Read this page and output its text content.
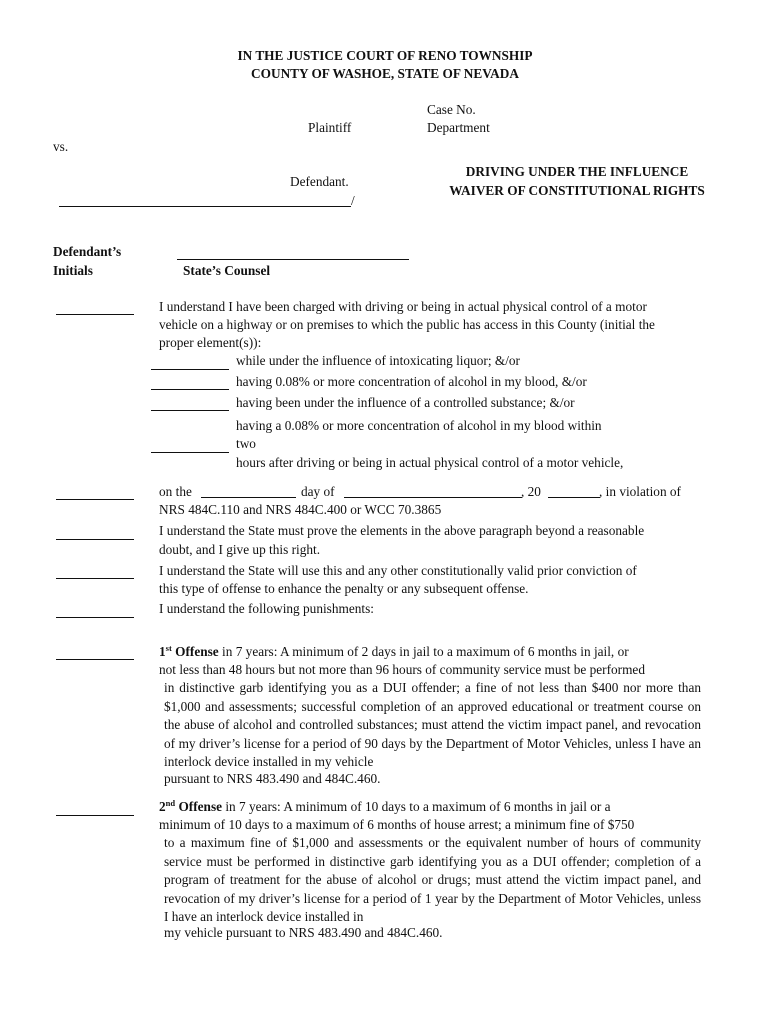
IN THE JUSTICE COURT OF RENO TOWNSHIP
COUNTY OF WASHOE, STATE OF NEVADA
Case No.
Department
Plaintiff
vs.
DRIVING UNDER THE INFLUENCE
WAIVER OF CONSTITUTIONAL RIGHTS
Defendant.
/
Defendant’s
Initials	State’s Counsel
I understand I have been charged with driving or being in actual physical control of a motor
vehicle on a highway or on premises to which the public has access in this County (initial the
proper element(s)):
while under the influence of intoxicating liquor; &/or
having 0.08% or more concentration of alcohol in my blood, &/or
having been under the influence of a controlled substance; &/or
having a 0.08% or more concentration of alcohol in my blood within
two
hours after driving or being in actual physical control of a motor vehicle,
on the	day of	, 20	, in violation of
NRS 484C.110 and NRS 484C.400 or WCC 70.3865
I understand the State must prove the elements in the above paragraph beyond a reasonable
doubt, and I give up this right.
I understand the State will use this and any other constitutionally valid prior conviction of
this type of offense to enhance the penalty or any subsequent offense.
I understand the following punishments:
1st Offense in 7 years: A minimum of 2 days in jail to a maximum of 6 months in jail, or
not less than 48 hours but not more than 96 hours of community service must be performed
in distinctive garb identifying you as a DUI offender; a fine of not less than $400 nor more than $1,000 and assessments; successful completion of an approved educational or treatment course on the abuse of alcohol and controlled substances; must attend the victim impact panel, and revocation of my driver’s license for a period of 90 days by the Department of Motor Vehicles, unless I have an interlock device installed in my vehicle
pursuant to NRS 483.490 and 484C.460.
2nd Offense in 7 years: A minimum of 10 days to a maximum of 6 months in jail or a
minimum of 10 days to a maximum of 6 months of house arrest; a minimum fine of $750
to a maximum fine of $1,000 and assessments or the equivalent number of hours of community service must be performed in distinctive garb identifying you as a DUI offender; completion of a program of treatment for the abuse of alcohol or drugs; must attend the victim impact panel, and revocation of my driver’s license for a period of 1 year by the Department of Motor Vehicles, unless I have an interlock device installed in
my vehicle pursuant to NRS 483.490 and 484C.460.
